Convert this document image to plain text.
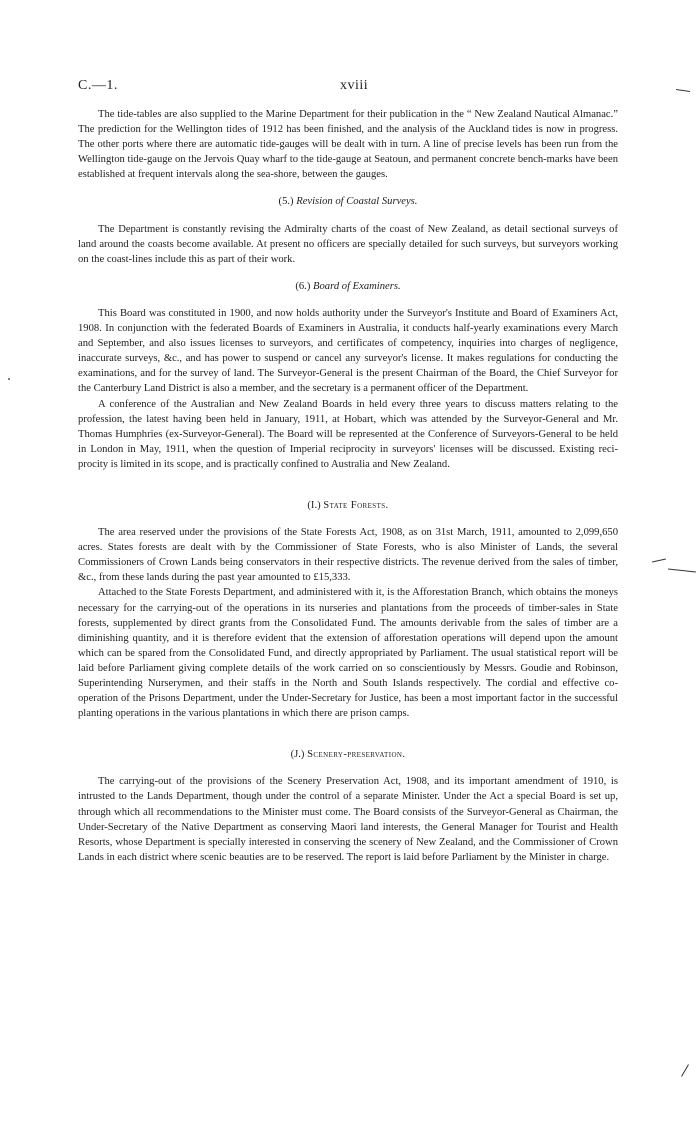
C.—1.	xviii

The tide-tables are also supplied to the Marine Department for their publication in the “ New Zealand Nautical Almanac.” The prediction for the Wellington tides of 1912 has been finished, and the analysis of the Auckland tides is now in progress. The other ports where there are automatic tide-gauges will be dealt with in turn. A line of precise levels has been run from the Wellington tide-gauge on the Jervois Quay wharf to the tide-gauge at Seatoun, and permanent concrete bench-marks have been established at frequent intervals along the sea-shore, between the gauges.

(5.) Revision of Coastal Surveys.

The Department is constantly revising the Admiralty charts of the coast of New Zealand, as detail sectional surveys of land around the coasts become available. At present no officers are specially detailed for such surveys, but surveyors working on the coast-lines include this as part of their work.

(6.) Board of Examiners.

This Board was constituted in 1900, and now holds authority under the Surveyor's Institute and Board of Examiners Act, 1908. In conjunction with the federated Boards of Examiners in Australia, it conducts half-yearly examinations every March and September, and also issues licenses to surveyors, and certificates of competency, inquiries into charges of negligence, inaccurate surveys, &c., and has power to suspend or cancel any surveyor's license. It makes regulations for conducting the examinations, and for the survey of land. The Surveyor-General is the present Chairman of the Board, the Chief Surveyor for the Canterbury Land District is also a member, and the secretary is a permanent officer of the Department.

A conference of the Australian and New Zealand Boards in held every three years to discuss matters relating to the profession, the latest having been held in January, 1911, at Hobart, which was attended by the Surveyor-General and Mr. Thomas Humphries (ex-Surveyor-General). The Board will be represented at the Conference of Surveyors-General to be held in London in May, 1911, when the question of Imperial reciprocity in surveyors' licenses will be discussed. Existing reci-procity is limited in its scope, and is practically confined to Australia and New Zealand.

(I.) State Forests.

The area reserved under the provisions of the State Forests Act, 1908, as on 31st March, 1911, amounted to 2,099,650 acres. States forests are dealt with by the Commissioner of State Forests, who is also Minister of Lands, the several Commissioners of Crown Lands being conservators in their respective districts. The revenue derived from the sales of timber, &c., from these lands during the past year amounted to £15,333.

Attached to the State Forests Department, and administered with it, is the Afforestation Branch, which obtains the moneys necessary for the carrying-out of the operations in its nurseries and plantations from the proceeds of timber-sales in State forests, supplemented by direct grants from the Consolidated Fund. The amounts derivable from the sales of timber are a diminishing quantity, and it is therefore evident that the extension of afforestation operations will depend upon the amount which can be spared from the Consolidated Fund, and directly appropriated by Parliament. The usual statistical report will be laid before Parliament giving complete details of the work carried on so conscientiously by Messrs. Goudie and Robinson, Superintending Nurserymen, and their staffs in the North and South Islands respectively. The cordial and effective co-operation of the Prisons Department, under the Under-Secretary for Justice, has been a most important factor in the successful planting operations in the various plantations in which there are prison camps.

(J.) Scenery-preservation.

The carrying-out of the provisions of the Scenery Preservation Act, 1908, and its important amendment of 1910, is intrusted to the Lands Department, though under the control of a separate Minister. Under the Act a special Board is set up, through which all recommendations to the Minister must come. The Board consists of the Surveyor-General as Chairman, the Under-Secretary of the Native Department as conserving Maori land interests, the General Manager for Tourist and Health Resorts, whose Department is specially interested in conserving the scenery of New Zealand, and the Commissioner of Crown Lands in each district where scenic beauties are to be reserved. The report is laid before Parliament by the Minister in charge.
